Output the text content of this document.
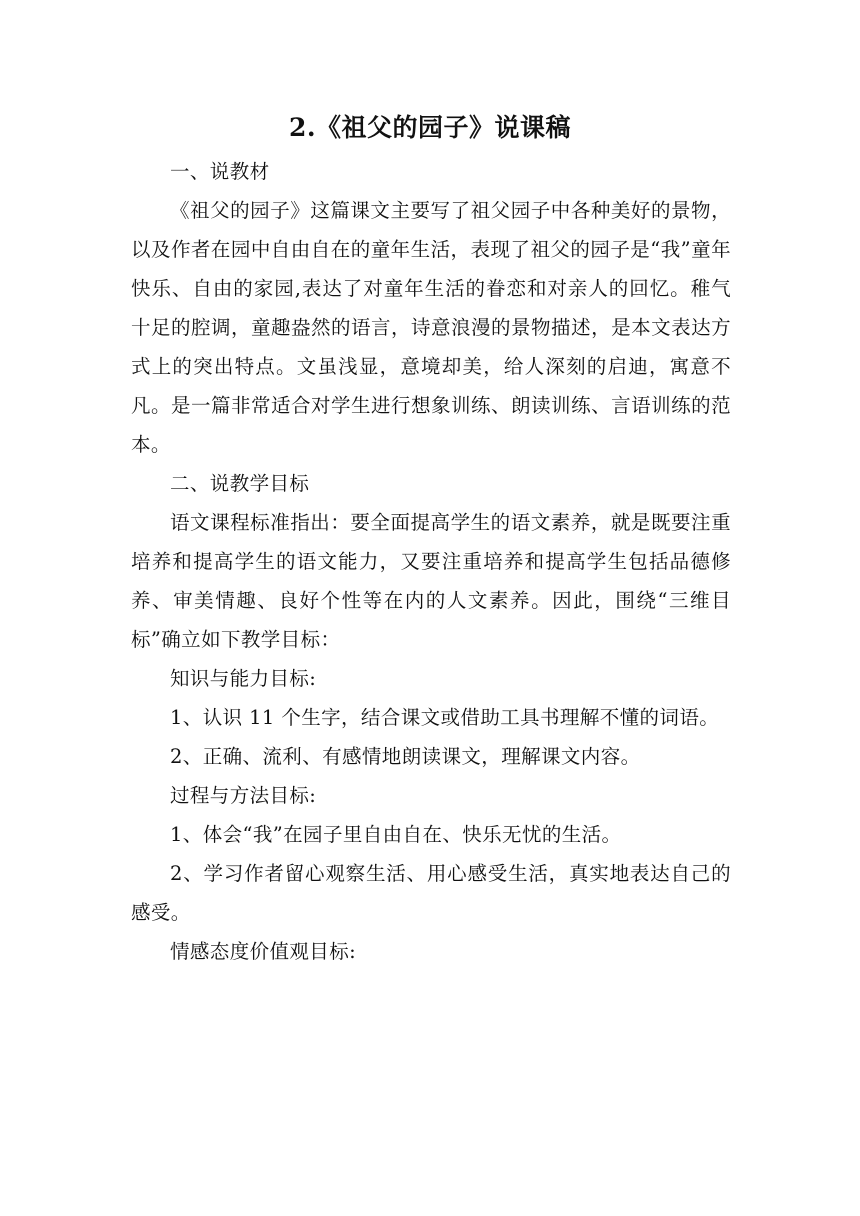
2.《祖父的园子》说课稿

一、说教材

《祖父的园子》这篇课文主要写了祖父园子中各种美好的景物，以及作者在园中自由自在的童年生活，表现了祖父的园子是“我”童年快乐、自由的家园,表达了对童年生活的眷恋和对亲人的回忆。稚气十足的腔调，童趣盎然的语言，诗意浪漫的景物描述，是本文表达方式上的突出特点。文虽浅显，意境却美，给人深刻的启迪，寓意不凡。是一篇非常适合对学生进行想象训练、朗读训练、言语训练的范本。

二、说教学目标

语文课程标准指出：要全面提高学生的语文素养，就是既要注重培养和提高学生的语文能力，又要注重培养和提高学生包括品德修养、审美情趣、良好个性等在内的人文素养。因此，围绕“三维目标”确立如下教学目标：

知识与能力目标:

1、认识 11 个生字，结合课文或借助工具书理解不懂的词语。

2、正确、流利、有感情地朗读课文，理解课文内容。

过程与方法目标:

1、体会“我”在园子里自由自在、快乐无忧的生活。

2、学习作者留心观察生活、用心感受生活，真实地表达自己的感受。

情感态度价值观目标:
